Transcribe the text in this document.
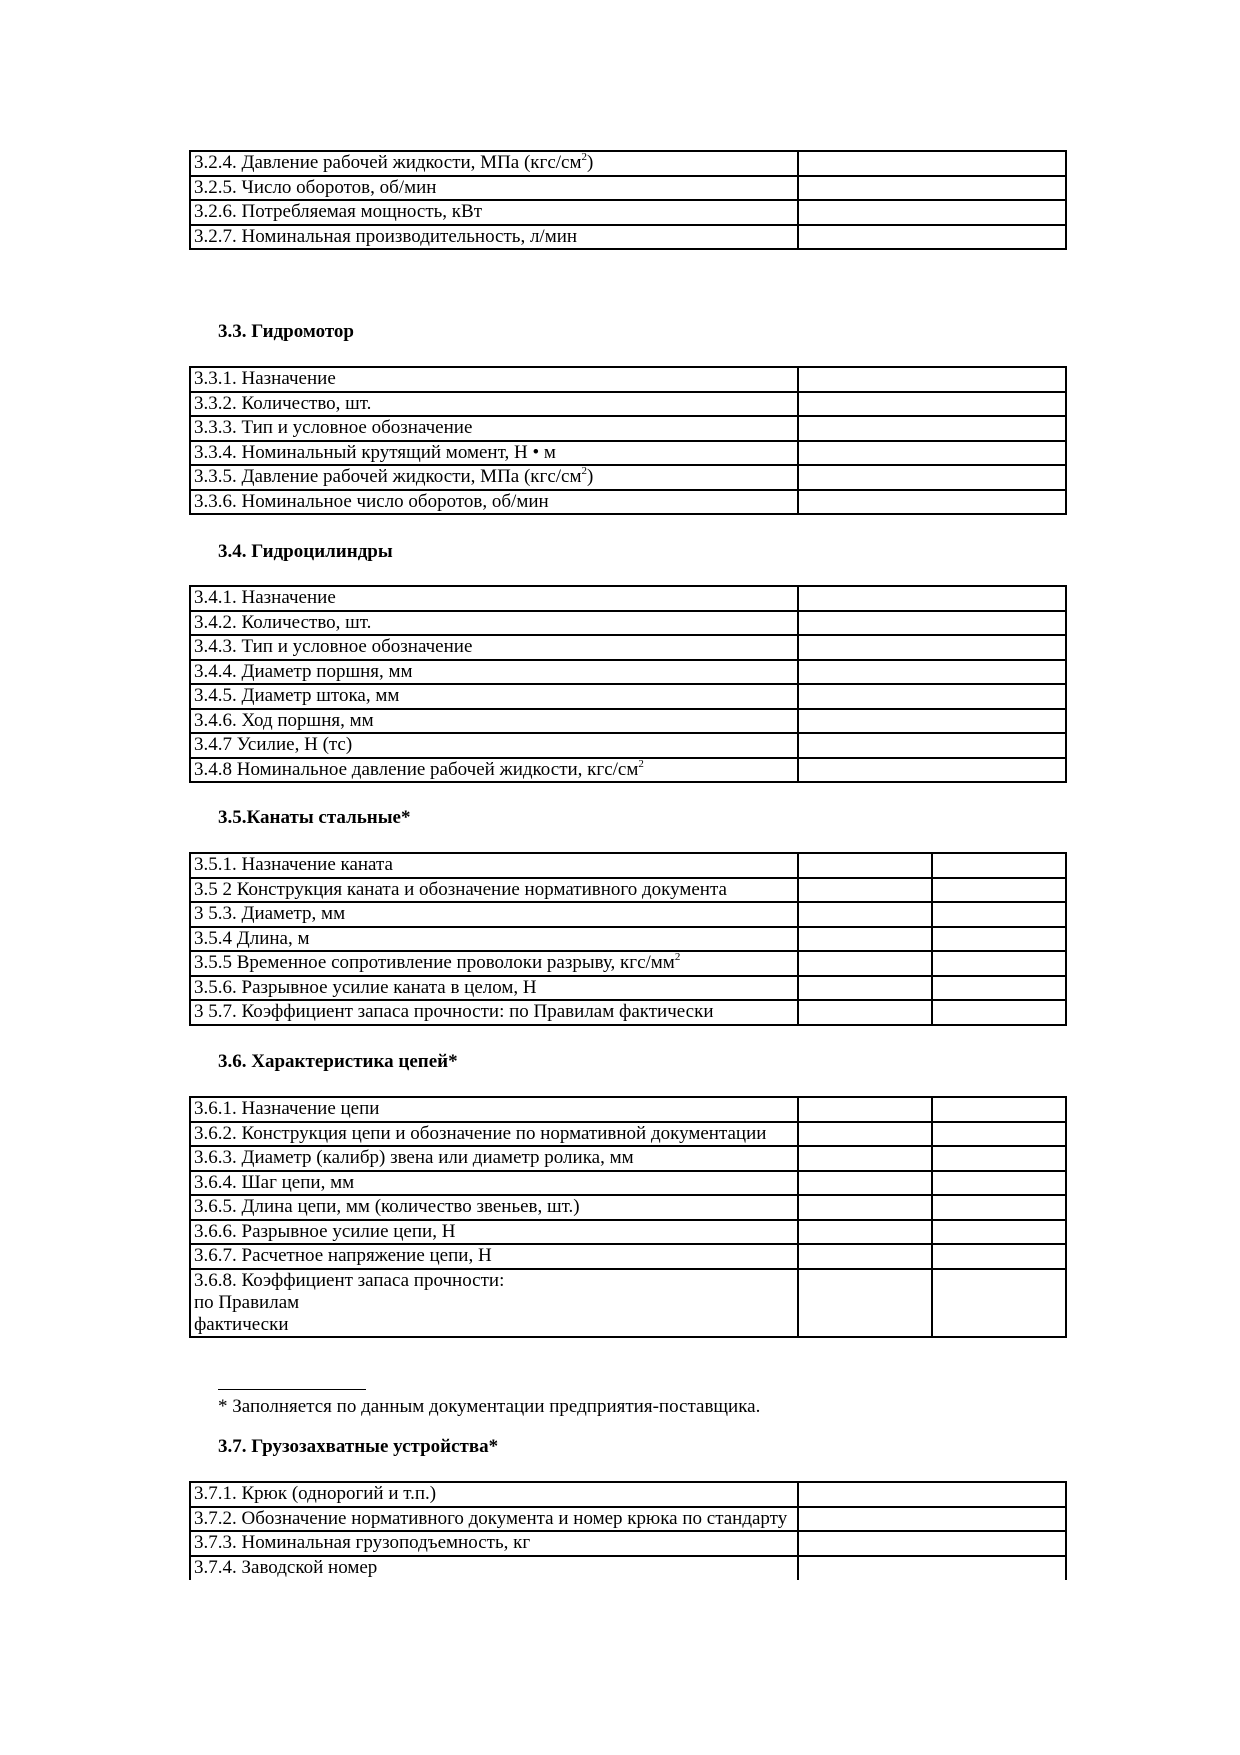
3.2.4. Давление рабочей жидкости, МПа $(кгс/см^2)$	
3.2.5. Число оборотов, об/мин	
3.2.6. Потребляемая мощность, кВт	
3.2.7. Номинальная производительность, л/мин	
3.3. Гидромотор
3.3.1. Назначение	
3.3.2. Количество, шт.	
3.3.3. Тип и условное обозначение	
3.3.4. Номинальный крутящий момент, Н • м	
3.3.5. Давление рабочей жидкости, МПа $(кгс/см^2)$	
3.3.6. Номинальное число оборотов, об/мин	
3.4. Гидроцилиндры
3.4.1. Назначение	
3.4.2. Количество, шт.	
3.4.3. Тип и условное обозначение	
3.4.4. Диаметр поршня, мм	
3.4.5. Диаметр штока, мм	
3.4.6. Ход поршня, мм	
3.4.7 Усилие, Н (тс)	
3.4.8 Номинальное давление рабочей жидкости, кгс/$см^2$	
3.5.Канаты стальные*
3.5.1. Назначение каната		
3.5 2 Конструкция каната и обозначение нормативного документа		
3 5.3. Диаметр, мм		
3.5.4 Длина, м		
3.5.5 Временное сопротивление проволоки разрыву, кгс/$мм^2$		
3.5.6. Разрывное усилие каната в целом, Н		
3 5.7. Коэффициент запаса прочности: по Правилам фактически		
3.6. Характеристика цепей*
3.6.1. Назначение цепи		
3.6.2. Конструкция цепи и обозначение по нормативной документации		
3.6.3. Диаметр (калибр) звена или диаметр ролика, мм		
3.6.4. Шаг цепи, мм		
3.6.5. Длина цепи, мм (количество звеньев, шт.)		
3.6.6. Разрывное усилие цепи, Н		
3.6.7. Расчетное напряжение цепи, Н		

3.6.8. Коэффициент запаса прочности:
по Правилам
фактически		

* Заполняется по данным документации предприятия-поставщика.

3.7. Грузозахватные устройства*
3.7.1. Крюк (однорогий и т.п.)	
3.7.2. Обозначение нормативного документа и номер крюка по стандарту	
3.7.3. Номинальная грузоподъемность, кг	
3.7.4. Заводской номер	
